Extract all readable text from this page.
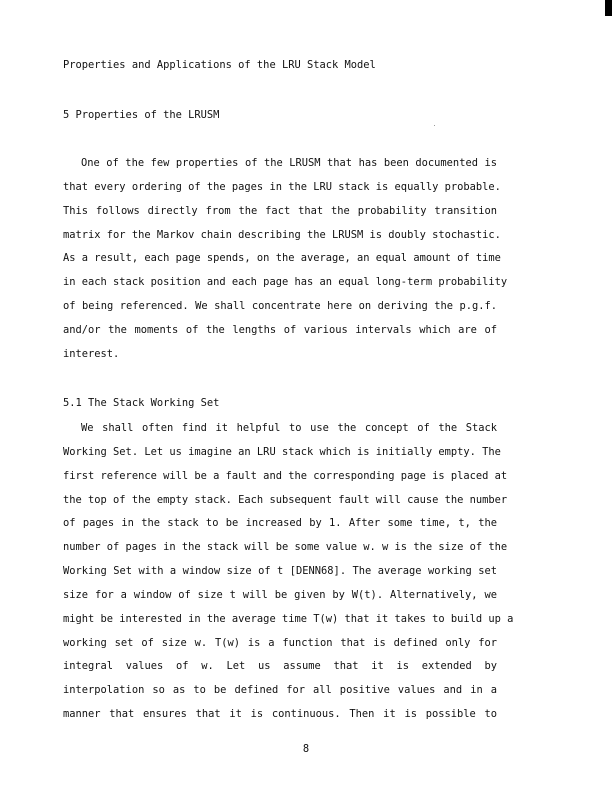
Properties and Applications of the LRU Stack Model
5 Properties of the LRUSM
One of the few properties of the LRUSM that has been documented is
that every ordering of the pages in the LRU stack is equally probable.
This follows directly from the fact that the probability transition
matrix for the Markov chain describing the LRUSM is doubly stochastic.
As a result, each page spends, on the average, an equal amount of time
in each stack position and each page has an equal long-term probability
of being referenced. We shall concentrate here on deriving the p.g.f.
and/or the moments of the lengths of various intervals which are of
interest.
5.1 The Stack Working Set
We shall often find it helpful to use the concept of the Stack
Working Set. Let us imagine an LRU stack which is initially empty. The
first reference will be a fault and the corresponding page is placed at
the top of the empty stack. Each subsequent fault will cause the number
of pages in the stack to be increased by 1. After some time, t, the
number of pages in the stack will be some value w. w is the size of the
Working Set with a window size of t [DENN68]. The average working set
size for a window of size t will be given by W(t). Alternatively, we
might be interested in the average time T(w) that it takes to build up a
working set of size w. T(w) is a function that is defined only for
integral values of w. Let us assume that it is extended by
interpolation so as to be defined for all positive values and in a
manner that ensures that it is continuous. Then it is possible to
8
